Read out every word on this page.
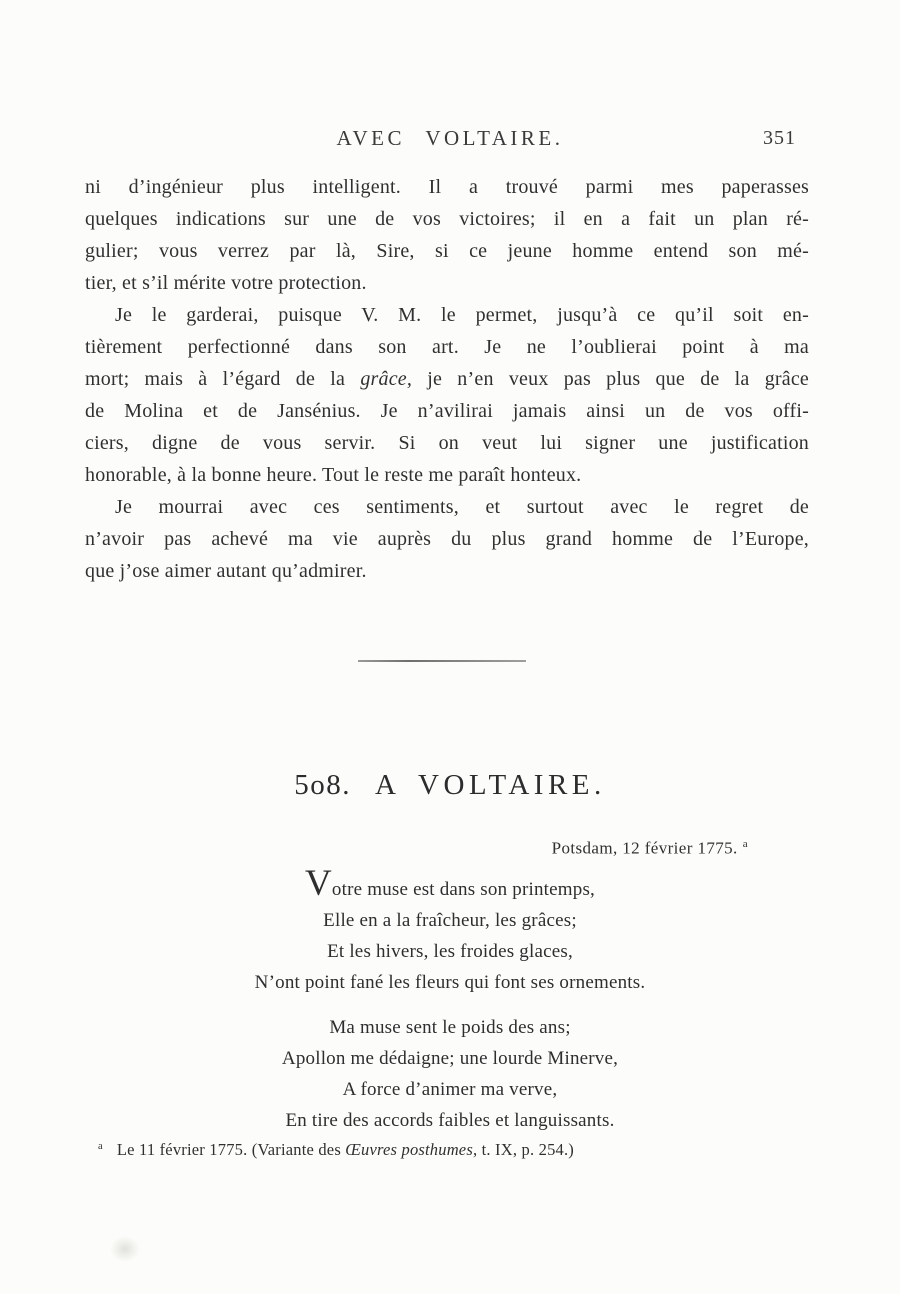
AVEC VOLTAIRE.	351
ni d’ingénieur plus intelligent. Il a trouvé parmi mes paperasses
quelques indications sur une de vos victoires; il en a fait un plan ré-
gulier; vous verrez par là, Sire, si ce jeune homme entend son mé-
tier, et s’il mérite votre protection.
Je le garderai, puisque V. M. le permet, jusqu’à ce qu’il soit en-
tièrement perfectionné dans son art. Je ne l’oublierai point à ma
mort; mais à l’égard de la grâce, je n’en veux pas plus que de la grâce
de Molina et de Jansénius. Je n’avilirai jamais ainsi un de vos offi-
ciers, digne de vous servir. Si on veut lui signer une justification
honorable, à la bonne heure. Tout le reste me paraît honteux.
Je mourrai avec ces sentiments, et surtout avec le regret de
n’avoir pas achevé ma vie auprès du plus grand homme de l’Europe,
que j’ose aimer autant qu’admirer.
5o8. A VOLTAIRE.
Potsdam, 12 février 1775. $^a$
Votre muse est dans son printemps,
Elle en a la fraîcheur, les grâces;
Et les hivers, les froides glaces,
N’ont point fané les fleurs qui font ses ornements.
Ma muse sent le poids des ans;
Apollon me dédaigne; une lourde Minerve,
A force d’animer ma verve,
En tire des accords faibles et languissants.
$^a$ Le 11 février 1775. (Variante des Œuvres posthumes, t. IX, p. 254.)
